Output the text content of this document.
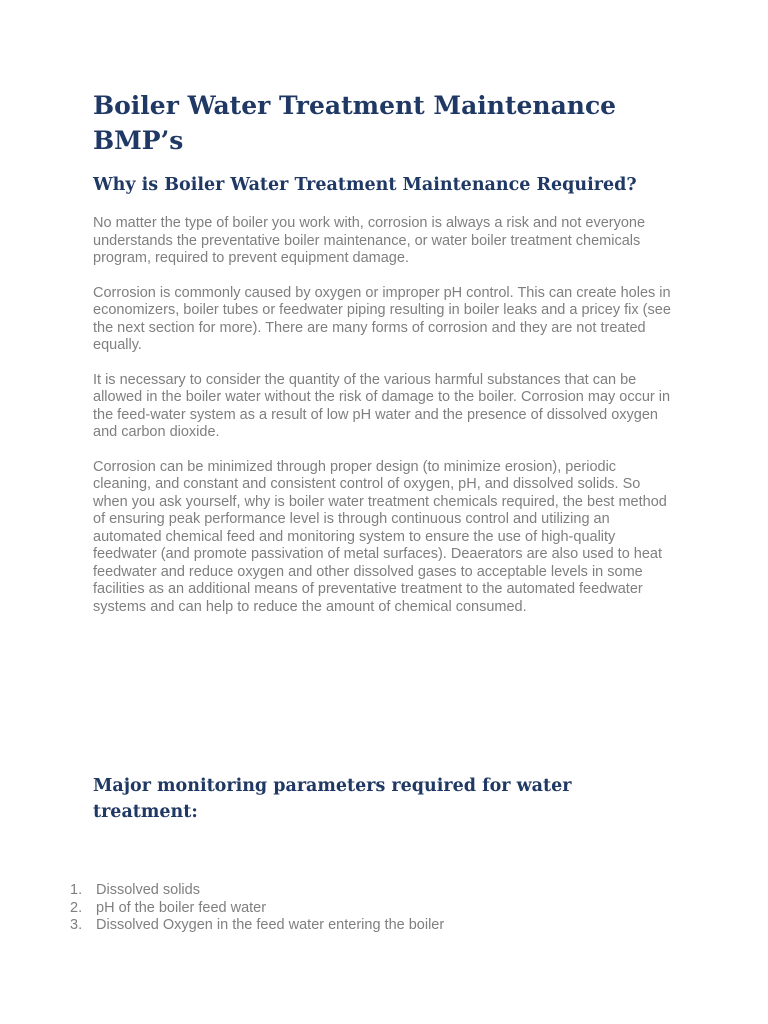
Boiler Water Treatment Maintenance BMP’s
Why is Boiler Water Treatment Maintenance Required?

No matter the type of boiler you work with, corrosion is always a risk and not everyone understands the preventative boiler maintenance, or water boiler treatment chemicals program, required to prevent equipment damage.

Corrosion is commonly caused by oxygen or improper pH control. This can create holes in economizers, boiler tubes or feedwater piping resulting in boiler leaks and a pricey fix (see the next section for more). There are many forms of corrosion and they are not treated equally.

It is necessary to consider the quantity of the various harmful substances that can be allowed in the boiler water without the risk of damage to the boiler. Corrosion may occur in the feed-water system as a result of low pH water and the presence of dissolved oxygen and carbon dioxide.

Corrosion can be minimized through proper design (to minimize erosion), periodic cleaning, and constant and consistent control of oxygen, pH, and dissolved solids. So when you ask yourself, why is boiler water treatment chemicals required, the best method of ensuring peak performance level is through continuous control and utilizing an automated chemical feed and monitoring system to ensure the use of high-quality feedwater (and promote passivation of metal surfaces). Deaerators are also used to heat feedwater and reduce oxygen and other dissolved gases to acceptable levels in some facilities as an additional means of preventative treatment to the automated feedwater systems and can help to reduce the amount of chemical consumed.

Major monitoring parameters required for water treatment:
1. Dissolved solids
2. pH of the boiler feed water
3. Dissolved Oxygen in the feed water entering the boiler
